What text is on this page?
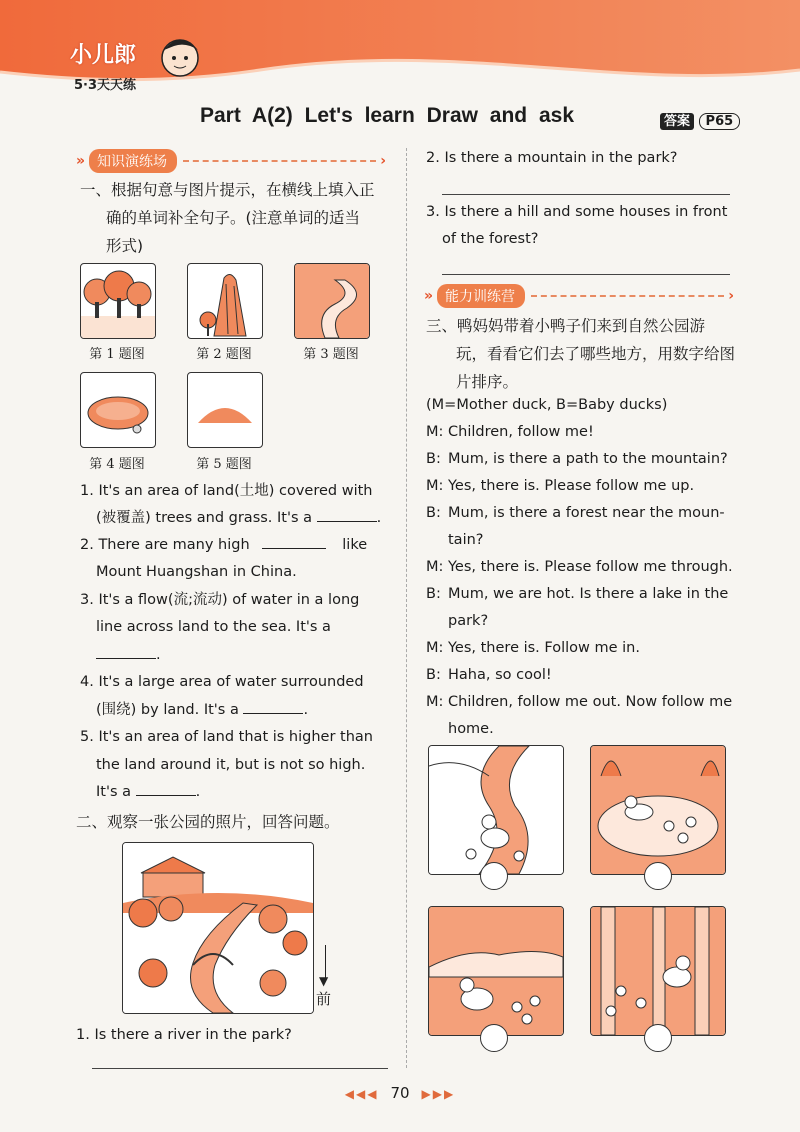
小儿郎
5·3天天练
Part A(2) Let's learn Draw and ask	答案 P65
» 知识演练场	›
一、根据句意与图片提示，在横线上填入正
确的单词补全句子。(注意单词的适当
形式)
第 1 题图	第 2 题图	第 3 题图
第 4 题图	第 5 题图
1. It's an area of land(土地) covered with
(被覆盖) trees and grass. It's a	.
2. There are many high	like
Mount Huangshan in China.
3. It's a flow(流;流动) of water in a long
line across land to the sea. It's a
.
4. It's a large area of water surrounded
(围绕) by land. It's a	.
5. It's an area of land that is higher than
the land around it, but is not so high.
It's a	.
二、观察一张公园的照片，回答问题。
▼
前
1. Is there a river in the park?
2. Is there a mountain in the park?
3. Is there a hill and some houses in front
of the forest?
» 能力训练营	›
三、鸭妈妈带着小鸭子们来到自然公园游
玩，看看它们去了哪些地方，用数字给图
片排序。
(M=Mother duck, B=Baby ducks)
M: Children, follow me!
B: Mum, is there a path to the mountain?
M: Yes, there is. Please follow me up.
B: Mum, is there a forest near the moun-
tain?
M: Yes, there is. Please follow me through.
B: Mum, we are hot. Is there a lake in the
park?
M: Yes, there is. Follow me in.
B: Haha, so cool!
M: Children, follow me out. Now follow me
home.
◀◀◀ 70 ▶▶▶
